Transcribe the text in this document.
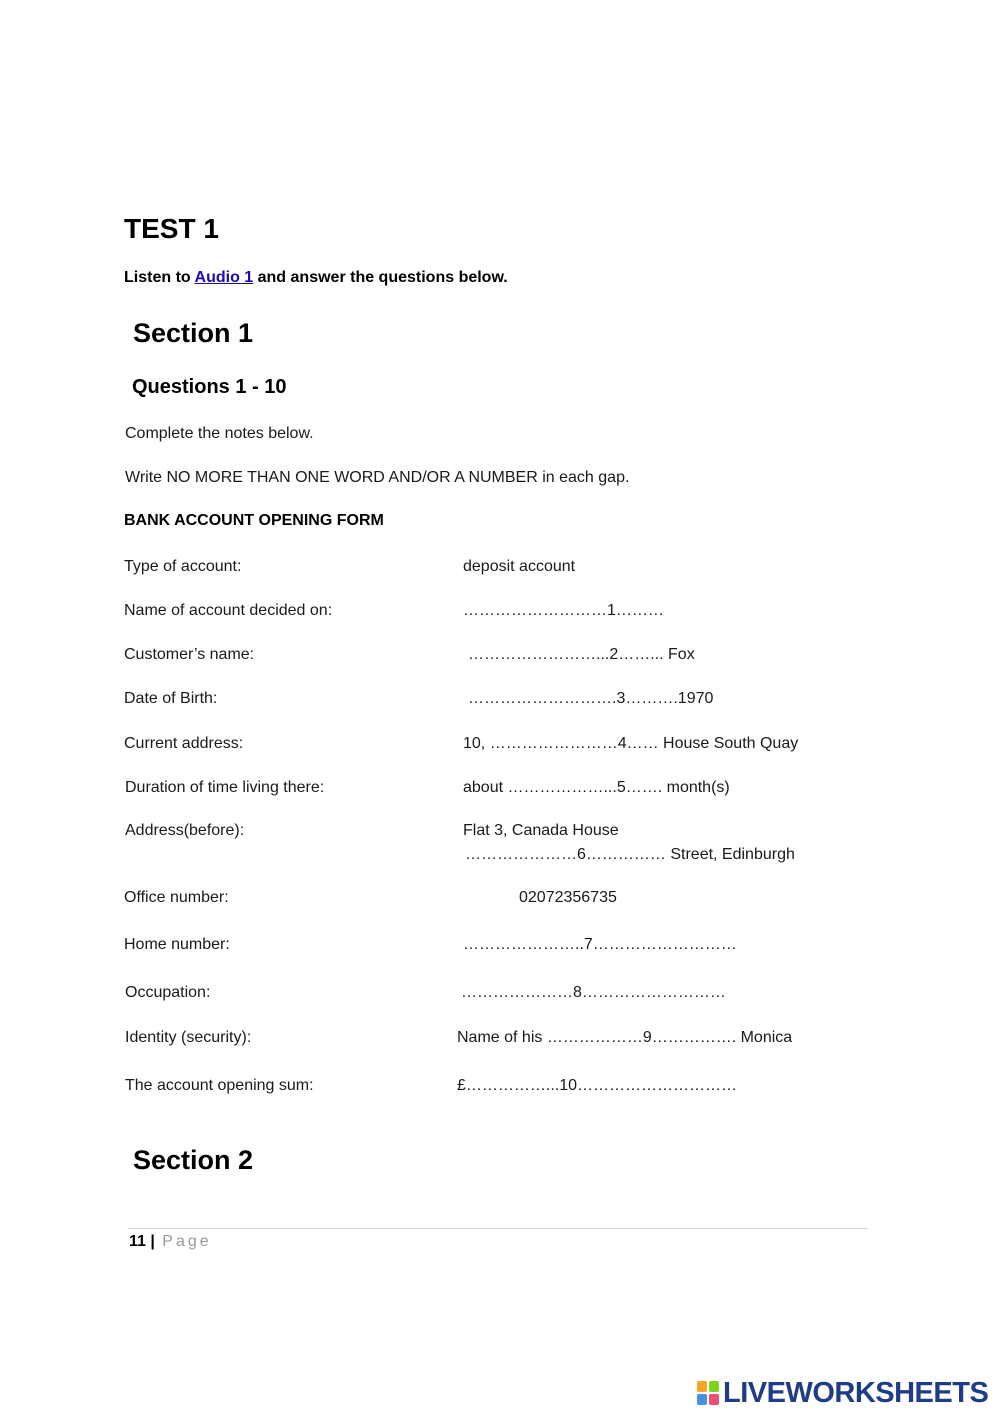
TEST 1
Listen to Audio 1 and answer the questions below.
Section 1
Questions 1 - 10
Complete the notes below.
Write NO MORE THAN ONE WORD AND/OR A NUMBER in each gap.
BANK ACCOUNT OPENING FORM
Type of account:	deposit account
Name of account decided on:	………………………1………
Customer’s name:	……………………...2……... Fox
Date of Birth:	……………………….3……….1970
Current address:	10, ……………………4…… House South Quay
Duration of time living there:	about ………………...5……. month(s)
Address(before):	Flat 3, Canada House
…………………6…………… Street, Edinburgh
Office number:	02072356735
Home number:	…………………..7………………………
Occupation:	…………………8………………………
Identity (security):	Name of his ………………9……………. Monica
The account opening sum:	£……………...10…………………………
Section 2
11 | Page
LIVEWORKSHEETS
